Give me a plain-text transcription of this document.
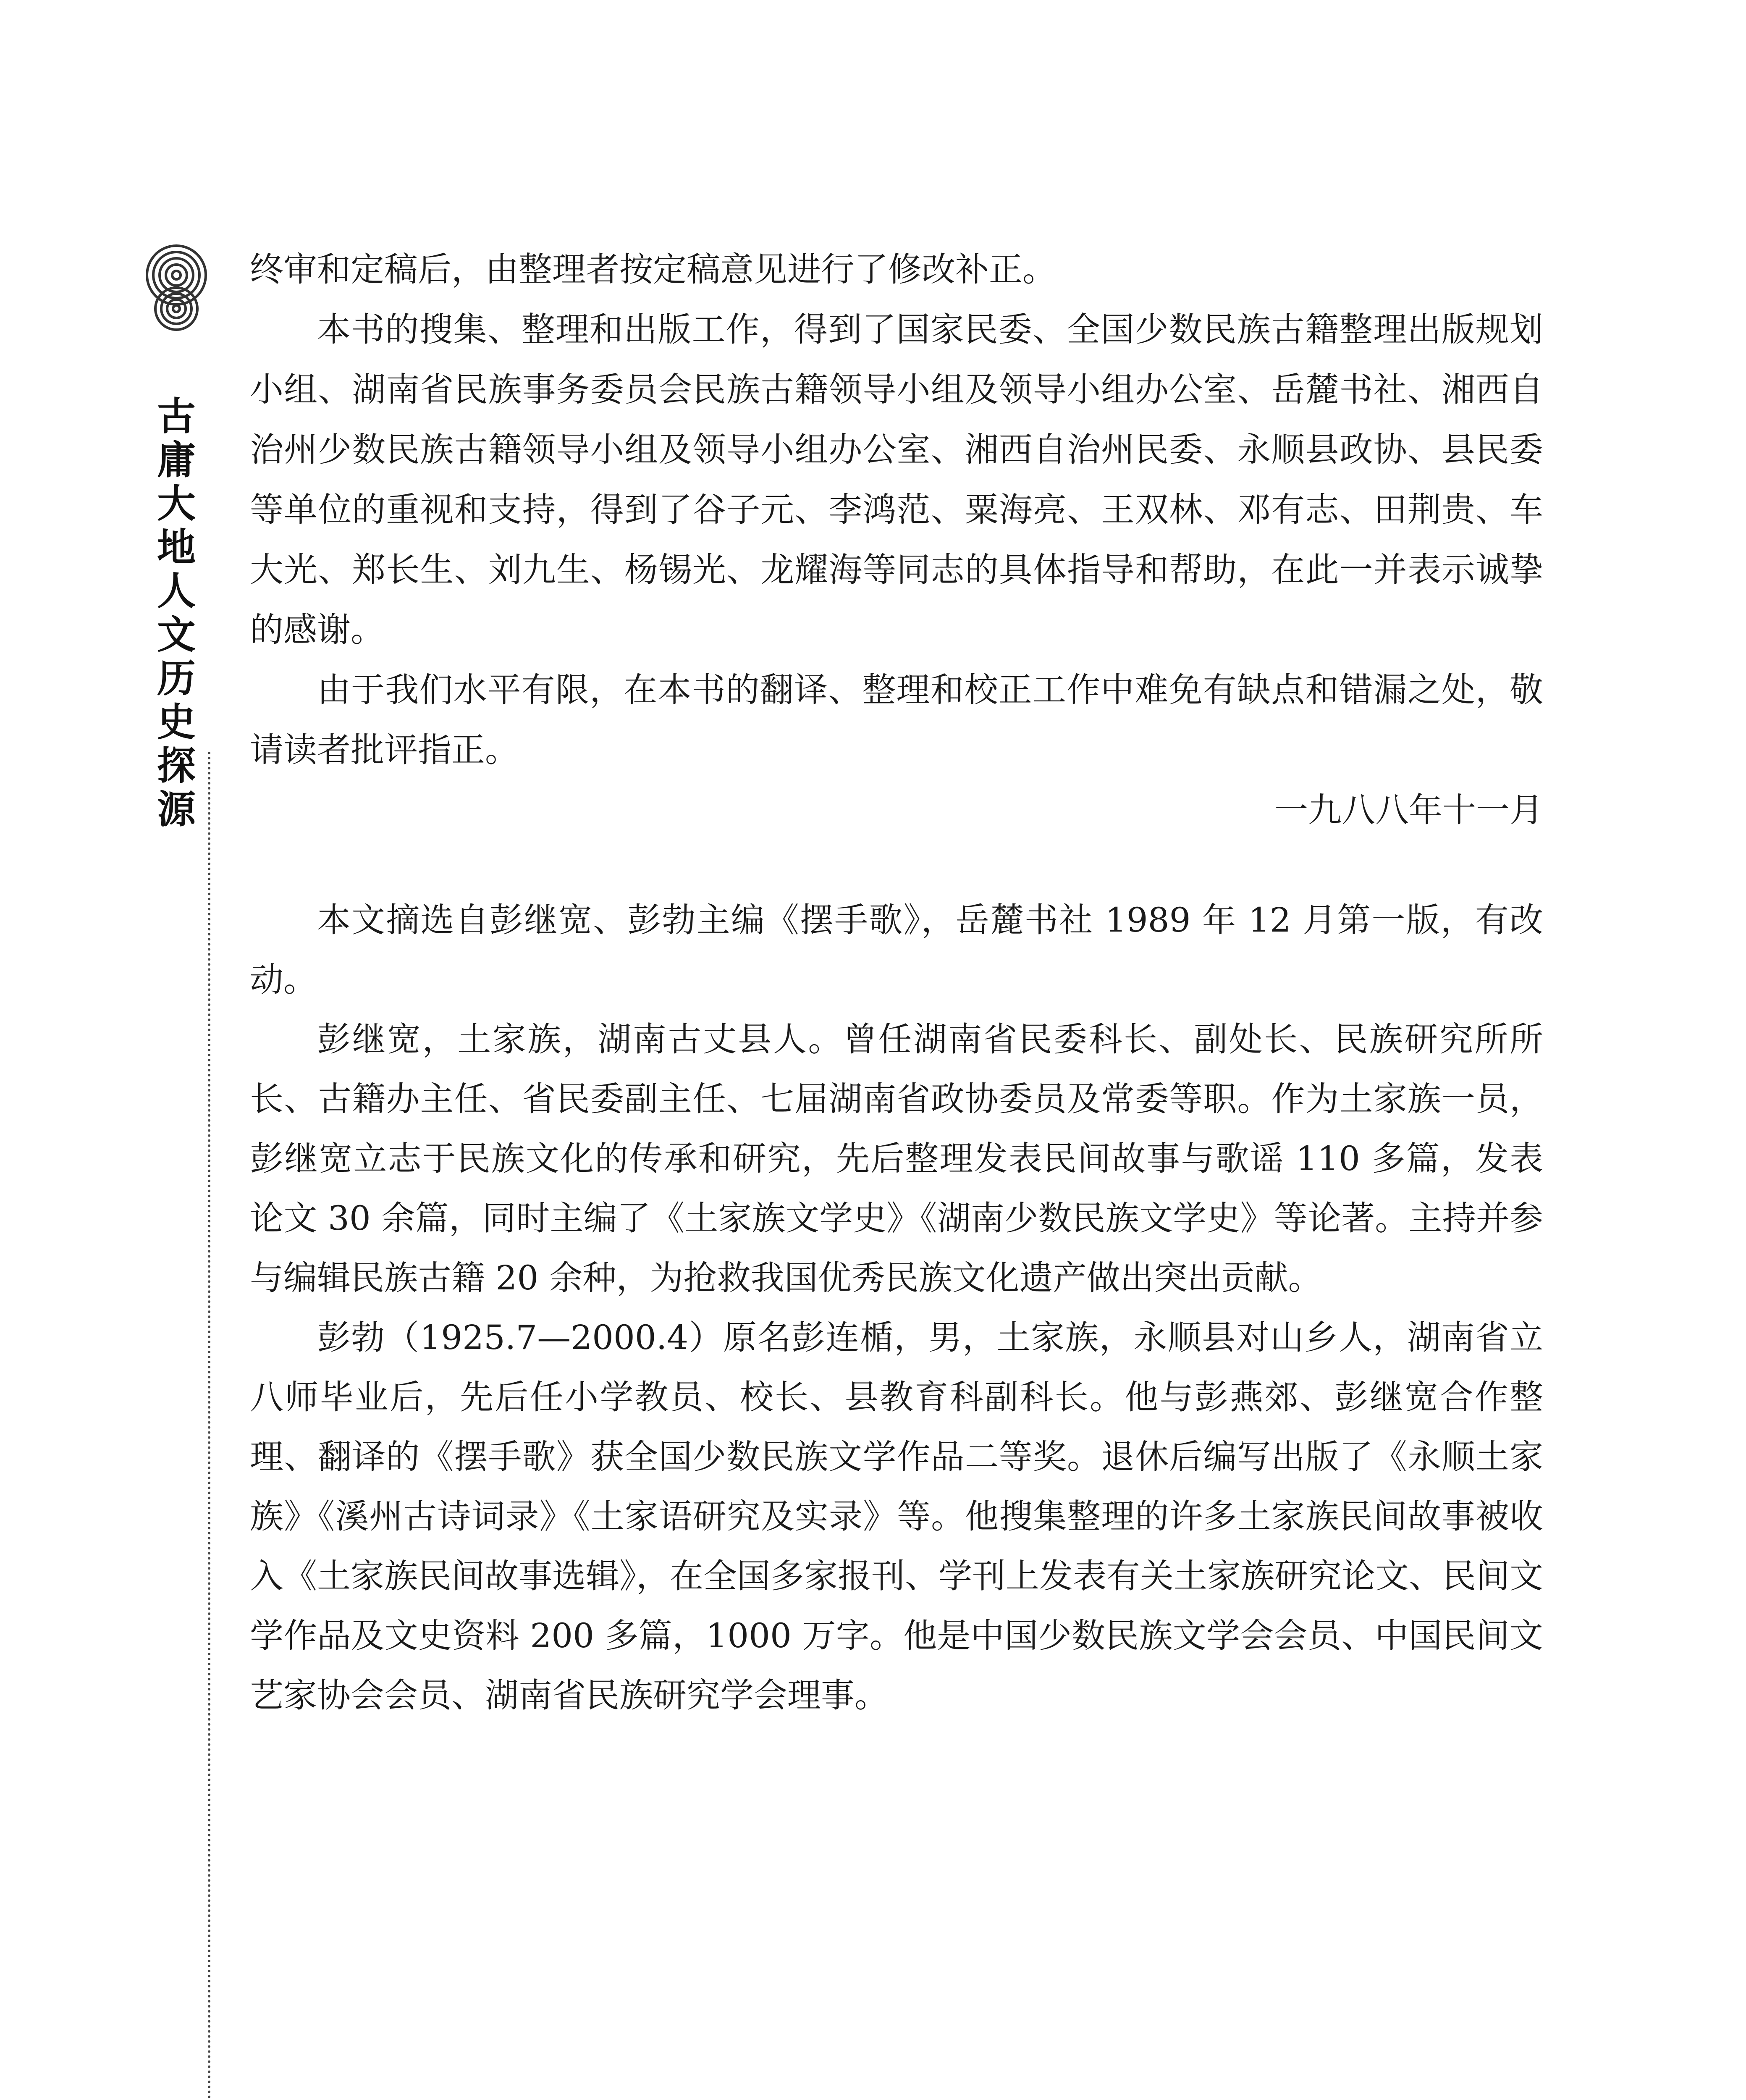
古庸大地人文历史探源

终审和定稿后，由整理者按定稿意见进行了修改补正。

本书的搜集、整理和出版工作，得到了国家民委、全国少数民族古籍整理出版规划小组、湖南省民族事务委员会民族古籍领导小组及领导小组办公室、岳麓书社、湘西自治州少数民族古籍领导小组及领导小组办公室、湘西自治州民委、永顺县政协、县民委等单位的重视和支持，得到了谷子元、李鸿范、粟海亮、王双林、邓有志、田荆贵、车大光、郑长生、刘九生、杨锡光、龙耀海等同志的具体指导和帮助，在此一并表示诚挚的感谢。

由于我们水平有限，在本书的翻译、整理和校正工作中难免有缺点和错漏之处，敬请读者批评指正。

一九八八年十一月

本文摘选自彭继宽、彭勃主编《摆手歌》，岳麓书社 1989 年 12 月第一版，有改动。

彭继宽，土家族，湖南古丈县人。曾任湖南省民委科长、副处长、民族研究所所长、古籍办主任、省民委副主任、七届湖南省政协委员及常委等职。作为土家族一员，彭继宽立志于民族文化的传承和研究，先后整理发表民间故事与歌谣 110 多篇，发表论文 30 余篇，同时主编了《土家族文学史》《湖南少数民族文学史》等论著。主持并参与编辑民族古籍 20 余种，为抢救我国优秀民族文化遗产做出突出贡献。

彭勃（1925.7—2000.4）原名彭连楯，男，土家族，永顺县对山乡人，湖南省立八师毕业后，先后任小学教员、校长、县教育科副科长。他与彭燕郊、彭继宽合作整理、翻译的《摆手歌》获全国少数民族文学作品二等奖。退休后编写出版了《永顺土家族》《溪州古诗词录》《土家语研究及实录》等。他搜集整理的许多土家族民间故事被收入《土家族民间故事选辑》，在全国多家报刊、学刊上发表有关土家族研究论文、民间文学作品及文史资料 200 多篇，1000 万字。他是中国少数民族文学会会员、中国民间文艺家协会会员、湖南省民族研究学会理事。
